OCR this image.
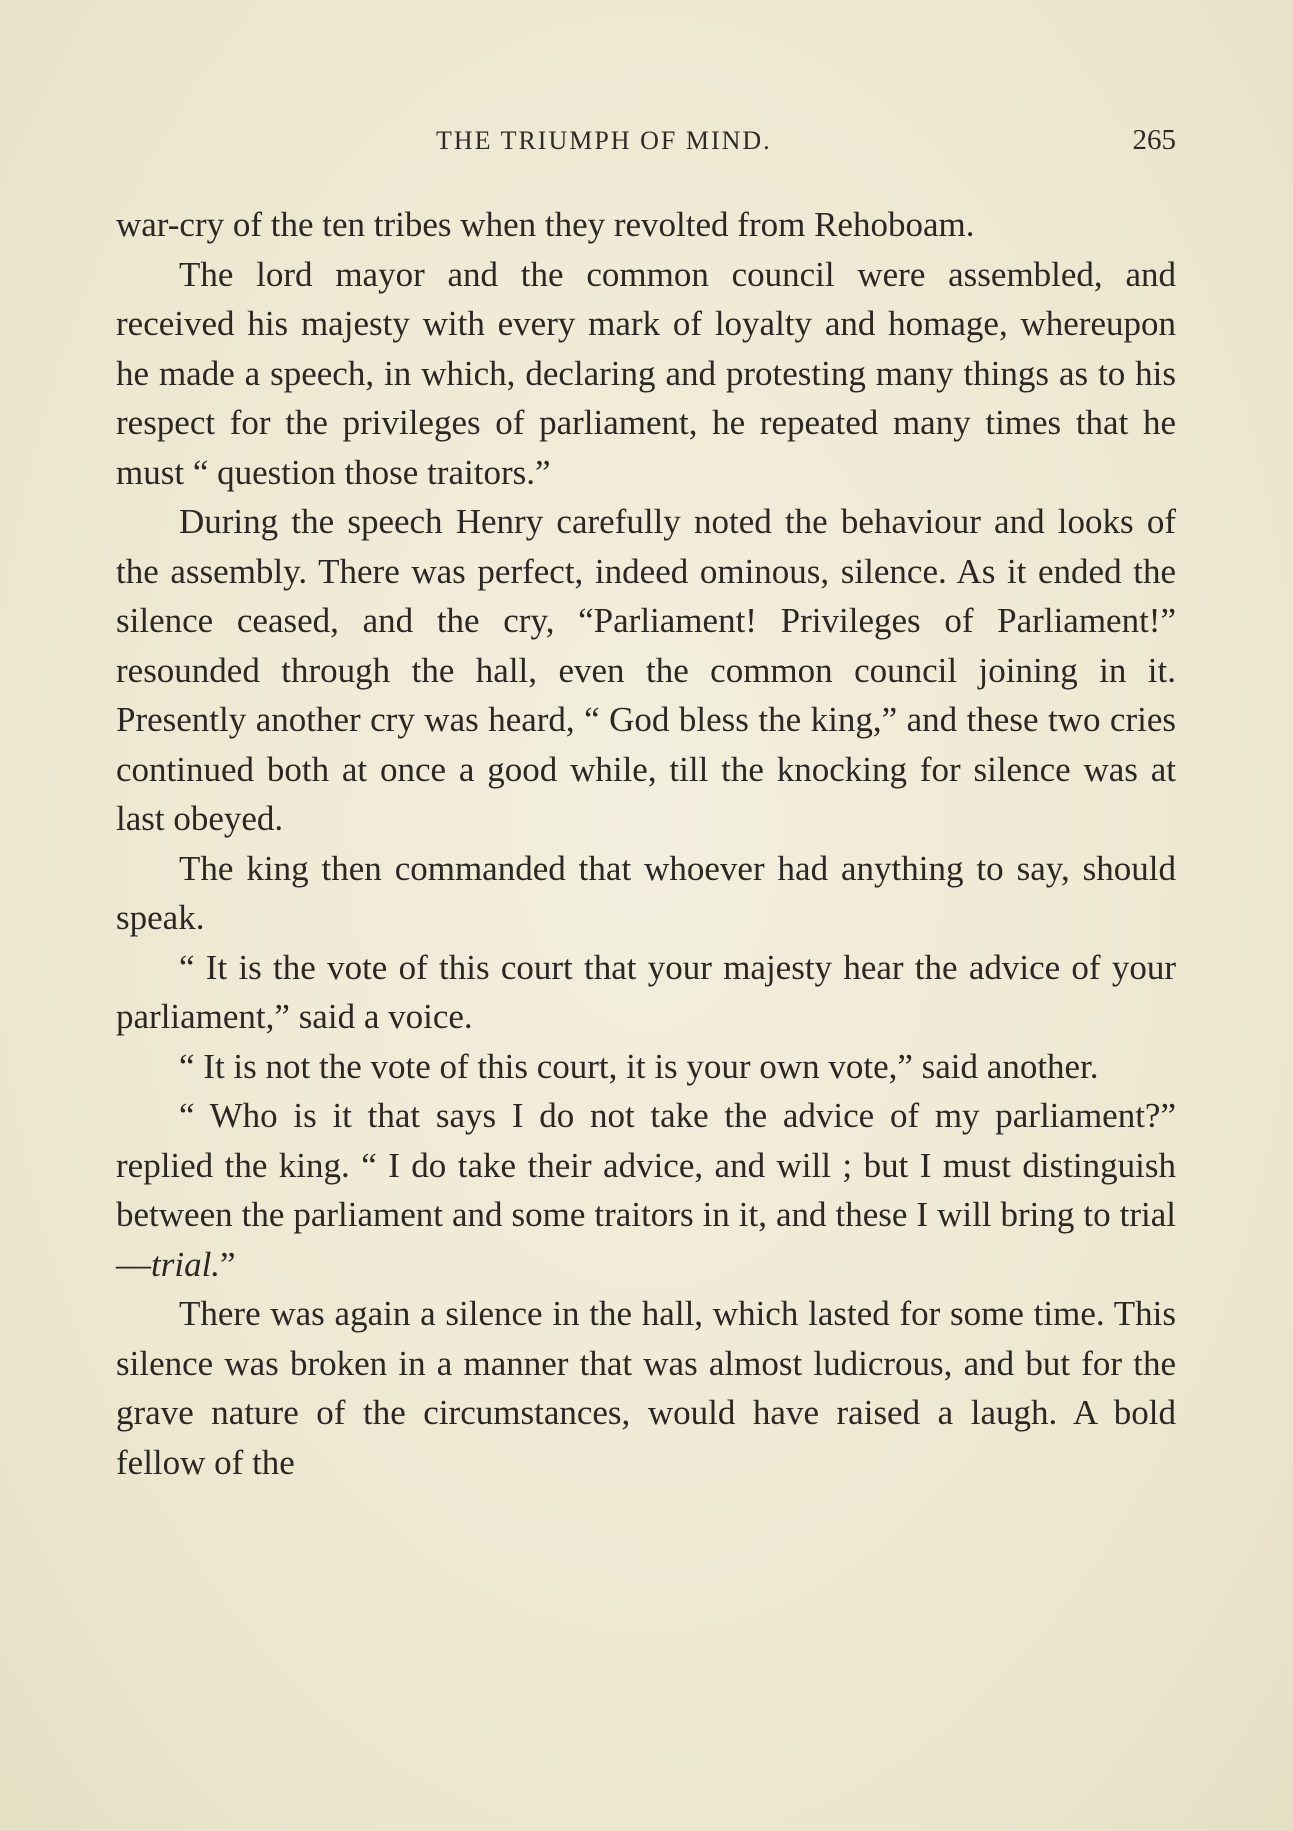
THE TRIUMPH OF MIND.	265

war-cry of the ten tribes when they revolted from Rehoboam.

The lord mayor and the common council were assembled, and received his majesty with every mark of loyalty and homage, whereupon he made a speech, in which, declaring and protesting many things as to his respect for the privileges of parliament, he repeated many times that he must “ question those traitors.”

During the speech Henry carefully noted the behaviour and looks of the assembly. There was perfect, indeed ominous, silence. As it ended the silence ceased, and the cry, “Parliament! Privileges of Parliament!” resounded through the hall, even the common council joining in it. Presently another cry was heard, “ God bless the king,” and these two cries continued both at once a good while, till the knocking for silence was at last obeyed.

The king then commanded that whoever had anything to say, should speak.

“ It is the vote of this court that your majesty hear the advice of your parliament,” said a voice.

“ It is not the vote of this court, it is your own vote,” said another.

“ Who is it that says I do not take the advice of my parliament?” replied the king. “ I do take their advice, and will ; but I must distinguish between the parliament and some traitors in it, and these I will bring to trial—trial.”

There was again a silence in the hall, which lasted for some time. This silence was broken in a manner that was almost ludicrous, and but for the grave nature of the circumstances, would have raised a laugh. A bold fellow of the
